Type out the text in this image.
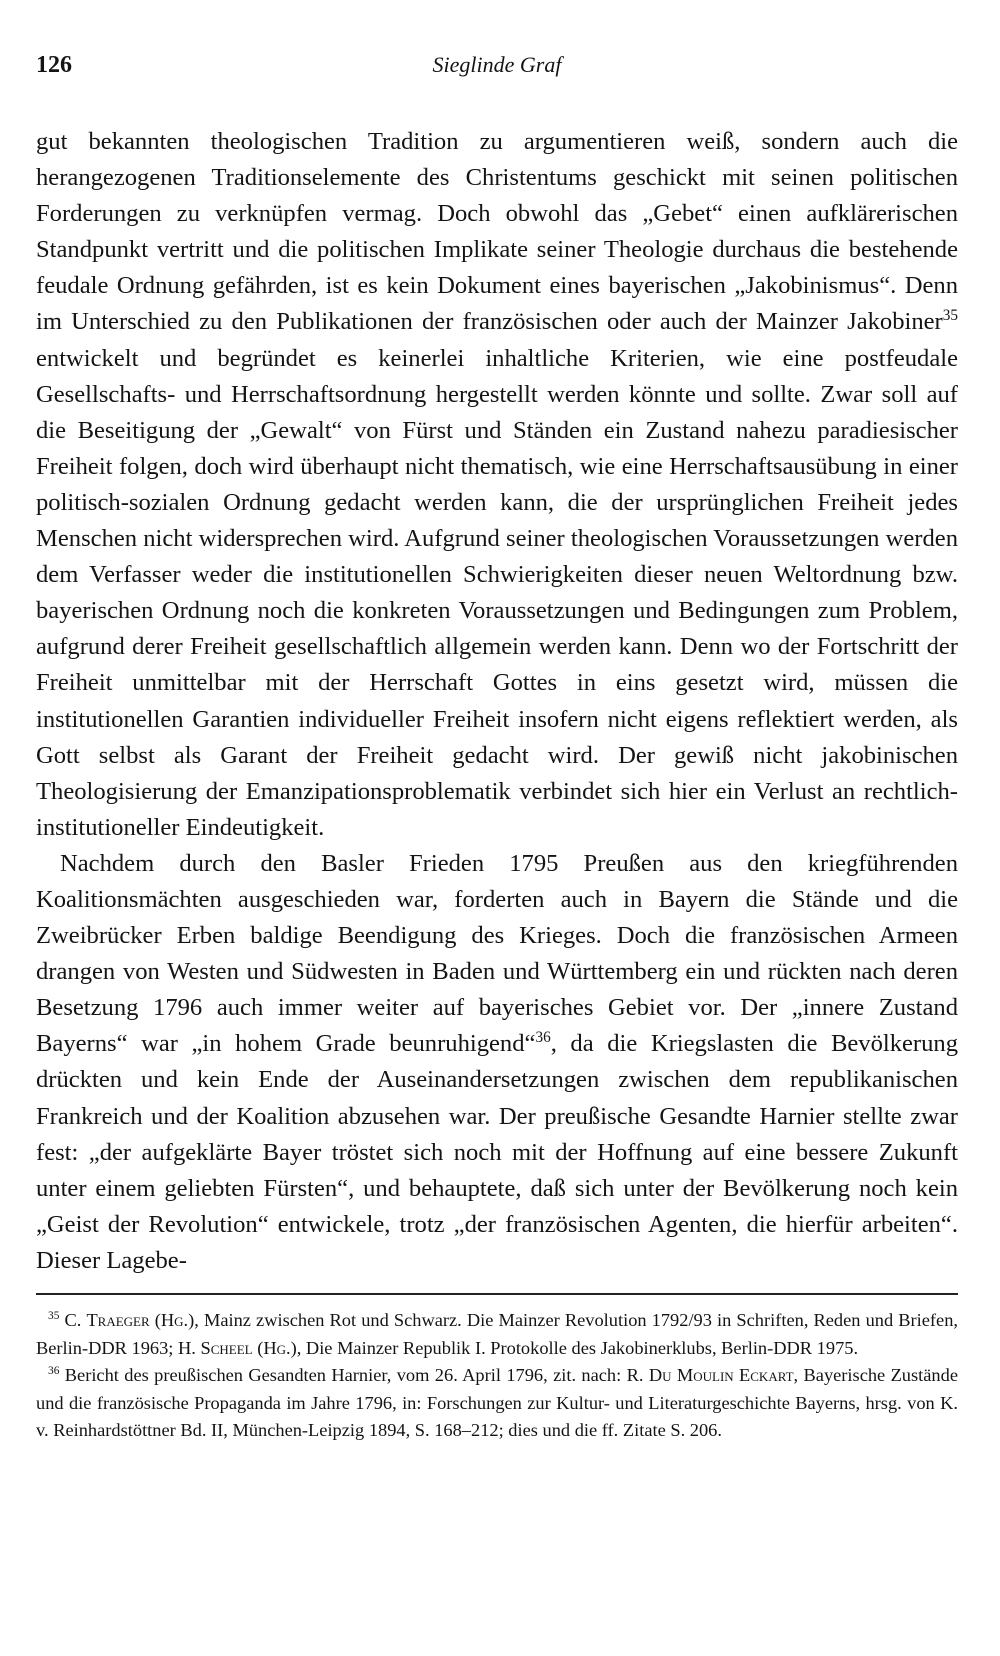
126	Sieglinde Graf

gut bekannten theologischen Tradition zu argumentieren weiß, sondern auch die herangezogenen Traditionselemente des Christentums geschickt mit seinen politischen Forderungen zu verknüpfen vermag. Doch obwohl das „Gebet“ einen aufklärerischen Standpunkt vertritt und die politischen Implikate seiner Theologie durchaus die bestehende feudale Ordnung gefährden, ist es kein Dokument eines bayerischen „Jakobinismus“. Denn im Unterschied zu den Publikationen der französischen oder auch der Mainzer Jakobiner$^{35}$ entwickelt und begründet es keinerlei inhaltliche Kriterien, wie eine postfeudale Gesellschafts- und Herrschaftsordnung hergestellt werden könnte und sollte. Zwar soll auf die Beseitigung der „Gewalt“ von Fürst und Ständen ein Zustand nahezu paradiesischer Freiheit folgen, doch wird überhaupt nicht thematisch, wie eine Herrschaftsausübung in einer politisch-sozialen Ordnung gedacht werden kann, die der ursprünglichen Freiheit jedes Menschen nicht widersprechen wird. Aufgrund seiner theologischen Voraussetzungen werden dem Verfasser weder die institutionellen Schwierigkeiten dieser neuen Weltordnung bzw. bayerischen Ordnung noch die konkreten Voraussetzungen und Bedingungen zum Problem, aufgrund derer Freiheit gesellschaftlich allgemein werden kann. Denn wo der Fortschritt der Freiheit unmittelbar mit der Herrschaft Gottes in eins gesetzt wird, müssen die institutionellen Garantien individueller Freiheit insofern nicht eigens reflektiert werden, als Gott selbst als Garant der Freiheit gedacht wird. Der gewiß nicht jakobinischen Theologisierung der Emanzipationsproblematik verbindet sich hier ein Verlust an rechtlich-institutioneller Eindeutigkeit.

Nachdem durch den Basler Frieden 1795 Preußen aus den kriegführenden Koalitionsmächten ausgeschieden war, forderten auch in Bayern die Stände und die Zweibrücker Erben baldige Beendigung des Krieges. Doch die französischen Armeen drangen von Westen und Südwesten in Baden und Württemberg ein und rückten nach deren Besetzung 1796 auch immer weiter auf bayerisches Gebiet vor. Der „innere Zustand Bayerns“ war „in hohem Grade beunruhigend“$^{36}$, da die Kriegslasten die Bevölkerung drückten und kein Ende der Auseinandersetzungen zwischen dem republikanischen Frankreich und der Koalition abzusehen war. Der preußische Gesandte Harnier stellte zwar fest: „der aufgeklärte Bayer tröstet sich noch mit der Hoffnung auf eine bessere Zukunft unter einem geliebten Fürsten“, und behauptete, daß sich unter der Bevölkerung noch kein „Geist der Revolution“ entwickele, trotz „der französischen Agenten, die hierfür arbeiten“. Dieser Lagebe-

$^{35}$ C. Traeger (Hg.), Mainz zwischen Rot und Schwarz. Die Mainzer Revolution 1792/93 in Schriften, Reden und Briefen, Berlin-DDR 1963; H. Scheel (Hg.), Die Mainzer Republik I. Protokolle des Jakobinerklubs, Berlin-DDR 1975.

$^{36}$ Bericht des preußischen Gesandten Harnier, vom 26. April 1796, zit. nach: R. Du Moulin Eckart, Bayerische Zustände und die französische Propaganda im Jahre 1796, in: Forschungen zur Kultur- und Literaturgeschichte Bayerns, hrsg. von K. v. Reinhardstöttner Bd. II, München-Leipzig 1894, S. 168–212; dies und die ff. Zitate S. 206.
